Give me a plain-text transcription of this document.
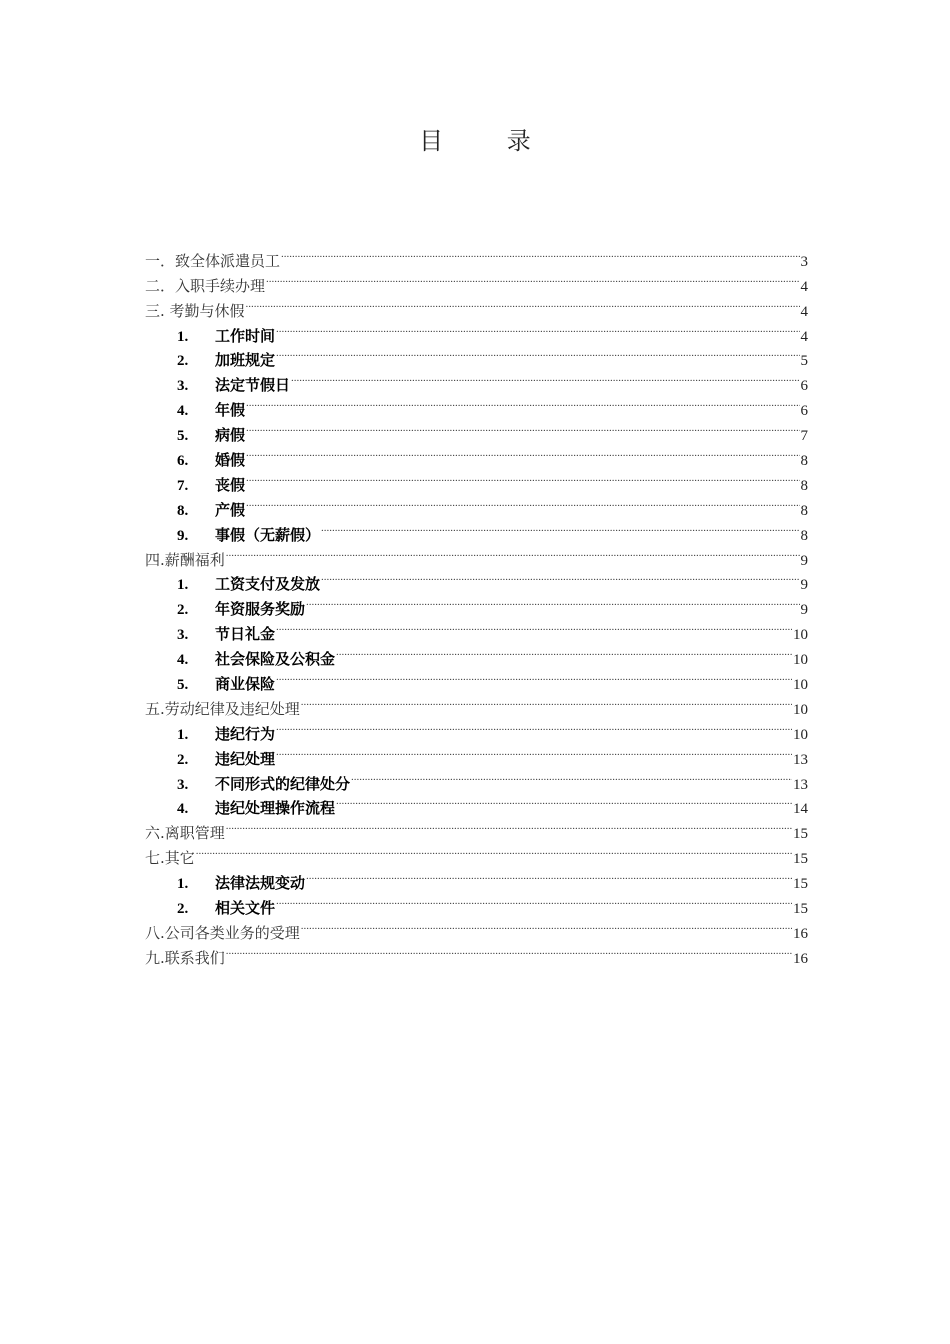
目 录
一．致全体派遣员工 .....	3
二．入职手续办理 .....	4
三. 考勤与休假 .....	4
1.	工作时间 .....	4
2.	加班规定 .....	5
3.	法定节假日 .....	6
4.	年假 .....	6
5.	病假 .....	7
6.	婚假 .....	8
7.	丧假 .....	8
8.	产假 .....	8
9.	事假（无薪假） .....	8
四.薪酬福利 .....	9
1.	工资支付及发放 .....	9
2.	年资服务奖励 .....	9
3.	节日礼金 .....	10
4.	社会保险及公积金 .....	10
5.	商业保险 .....	10
五.劳动纪律及违纪处理 .....	10
1.	违纪行为 .....	10
2.	违纪处理 .....	13
3.	不同形式的纪律处分 .....	13
4.	违纪处理操作流程 .....	14
六.离职管理 .....	15
七.其它 .....	15
1.	法律法规变动 .....	15
2.	相关文件 .....	15
八.公司各类业务的受理 .....	16
九.联系我们 .....	16
